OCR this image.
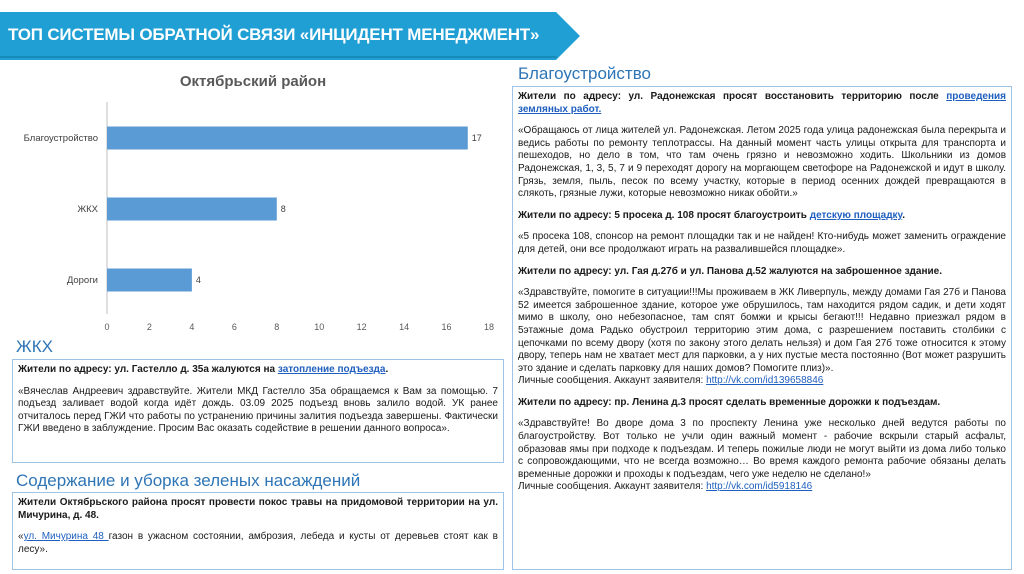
ТОП СИСТЕМЫ ОБРАТНОЙ СВЯЗИ «ИНЦИДЕНТ МЕНЕДЖМЕНТ»
Октябрьский район
0	2	4	6	8	10	12	14	16	18
Благоустройство	17
ЖКХ	8
Дороги	4
ЖКХ

Жители по адресу: ул. Гастелло д. 35а жалуются на затопление подъезда.

«Вячеслав Андреевич здравствуйте. Жители МКД Гастелло 35а обращаемся к Вам за помощью. 7 подъезд заливает водой когда идёт дождь. 03.09 2025 подъезд вновь залило водой. УК ранее отчиталось перед ГЖИ что работы по устранению причины залития подъезда завершены. Фактически ГЖИ введено в заблуждение. Просим Вас оказать содействие в решении данного вопроса».

Содержание и уборка зеленых насаждений

Жители Октябрьского района просят провести покос травы на придомовой территории на ул. Мичурина, д. 48.

«ул. Мичурина 48 газон в ужасном состоянии, амброзия, лебеда и кусты от деревьев стоят как в лесу».

Благоустройство

Жители по адресу: ул. Радонежская просят восстановить территорию после проведения земляных работ.

«Обращаюсь от лица жителей ул. Радонежская. Летом 2025 года улица радонежская была перекрыта и ведись работы по ремонту теплотрассы. На данный момент часть улицы открыта для транспорта и пешеходов, но дело в том, что там очень грязно и невозможно ходить. Школьники из домов Радонежская, 1, 3, 5, 7 и 9 переходят дорогу на моргающем светофоре на Радонежской и идут в школу. Грязь, земля, пыль, песок по всему участку, которые в период осенних дождей превращаются в слякоть, грязные лужи, которые невозможно никак обойти.»

Жители по адресу: 5 просека д. 108 просят благоустроить детскую площадку.

«5 просека 108, спонсор на ремонт площадки так и не найден! Кто-нибудь может заменить ограждение для детей, они все продолжают играть на развалившейся площадке».

Жители по адресу: ул. Гая д.27б и ул. Панова д.52 жалуются на заброшенное здание.

«Здравствуйте, помогите в ситуации!!!Мы проживаем в ЖК Ливерпуль, между домами Гая 27б и Панова 52 имеется заброшенное здание, которое уже обрушилось, там находится рядом садик, и дети ходят мимо в школу, оно небезопасное, там спят бомжи и крысы бегают!!! Недавно приезжал рядом в 5этажные дома Радько обустроил территорию этим дома, с разрешением поставить столбики с цепочками по всему двору (хотя по закону этого делать нельзя) и дом Гая 27б тоже относится к этому двору, теперь нам не хватает мест для парковки, а у них пустые места постоянно (Вот может разрушить это здание и сделать парковку для наших домов? Помогите плиз)».
Личные сообщения. Аккаунт заявителя: http://vk.com/id139658846

Жители по адресу: пр. Ленина д.3 просят сделать временные дорожки к подъездам.

«Здравствуйте! Во дворе дома 3 по проспекту Ленина уже несколько дней ведутся работы по благоустройству. Вот только не учли один важный момент - рабочие вскрыли старый асфальт, образовав ямы при подходе к подъездам. И теперь пожилые люди не могут выйти из дома либо только с сопровождающими, что не всегда возможно… Во время каждого ремонта рабочие обязаны делать временные дорожки и проходы к подъездам, чего уже неделю не сделано!»
Личные сообщения. Аккаунт заявителя: http://vk.com/id5918146
